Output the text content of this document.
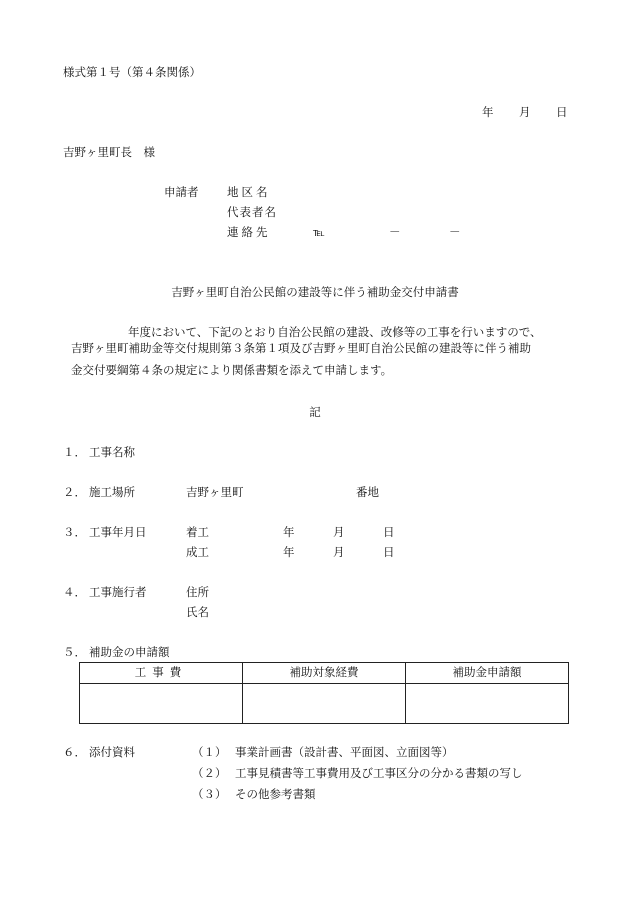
様式第１号（第４条関係）
年 月 日
吉野ヶ里町長　様
申請者 地区名
代表者名
連絡先	℡	－	－
吉野ヶ里町自治公民館の建設等に伴う補助金交付申請書
年度において、下記のとおり自治公民館の建設、改修等の工事を行いますので、
吉野ヶ里町補助金等交付規則第３条第１項及び吉野ヶ里町自治公民館の建設等に伴う補助
金交付要綱第４条の規定により関係書類を添えて申請します。
記
１． 工事名称
２． 施工場所	吉野ヶ里町	番地
３． 工事年月日	着工	年	月	日
成工	年	月	日
４． 工事施行者	住所
氏名
５． 補助金の申請額
工事費	補助対象経費	補助金申請額

６． 添付資料	（１） 事業計画書（設計書、平面図、立面図等）
（２） 工事見積書等工事費用及び工事区分の分かる書類の写し
（３） その他参考書類
